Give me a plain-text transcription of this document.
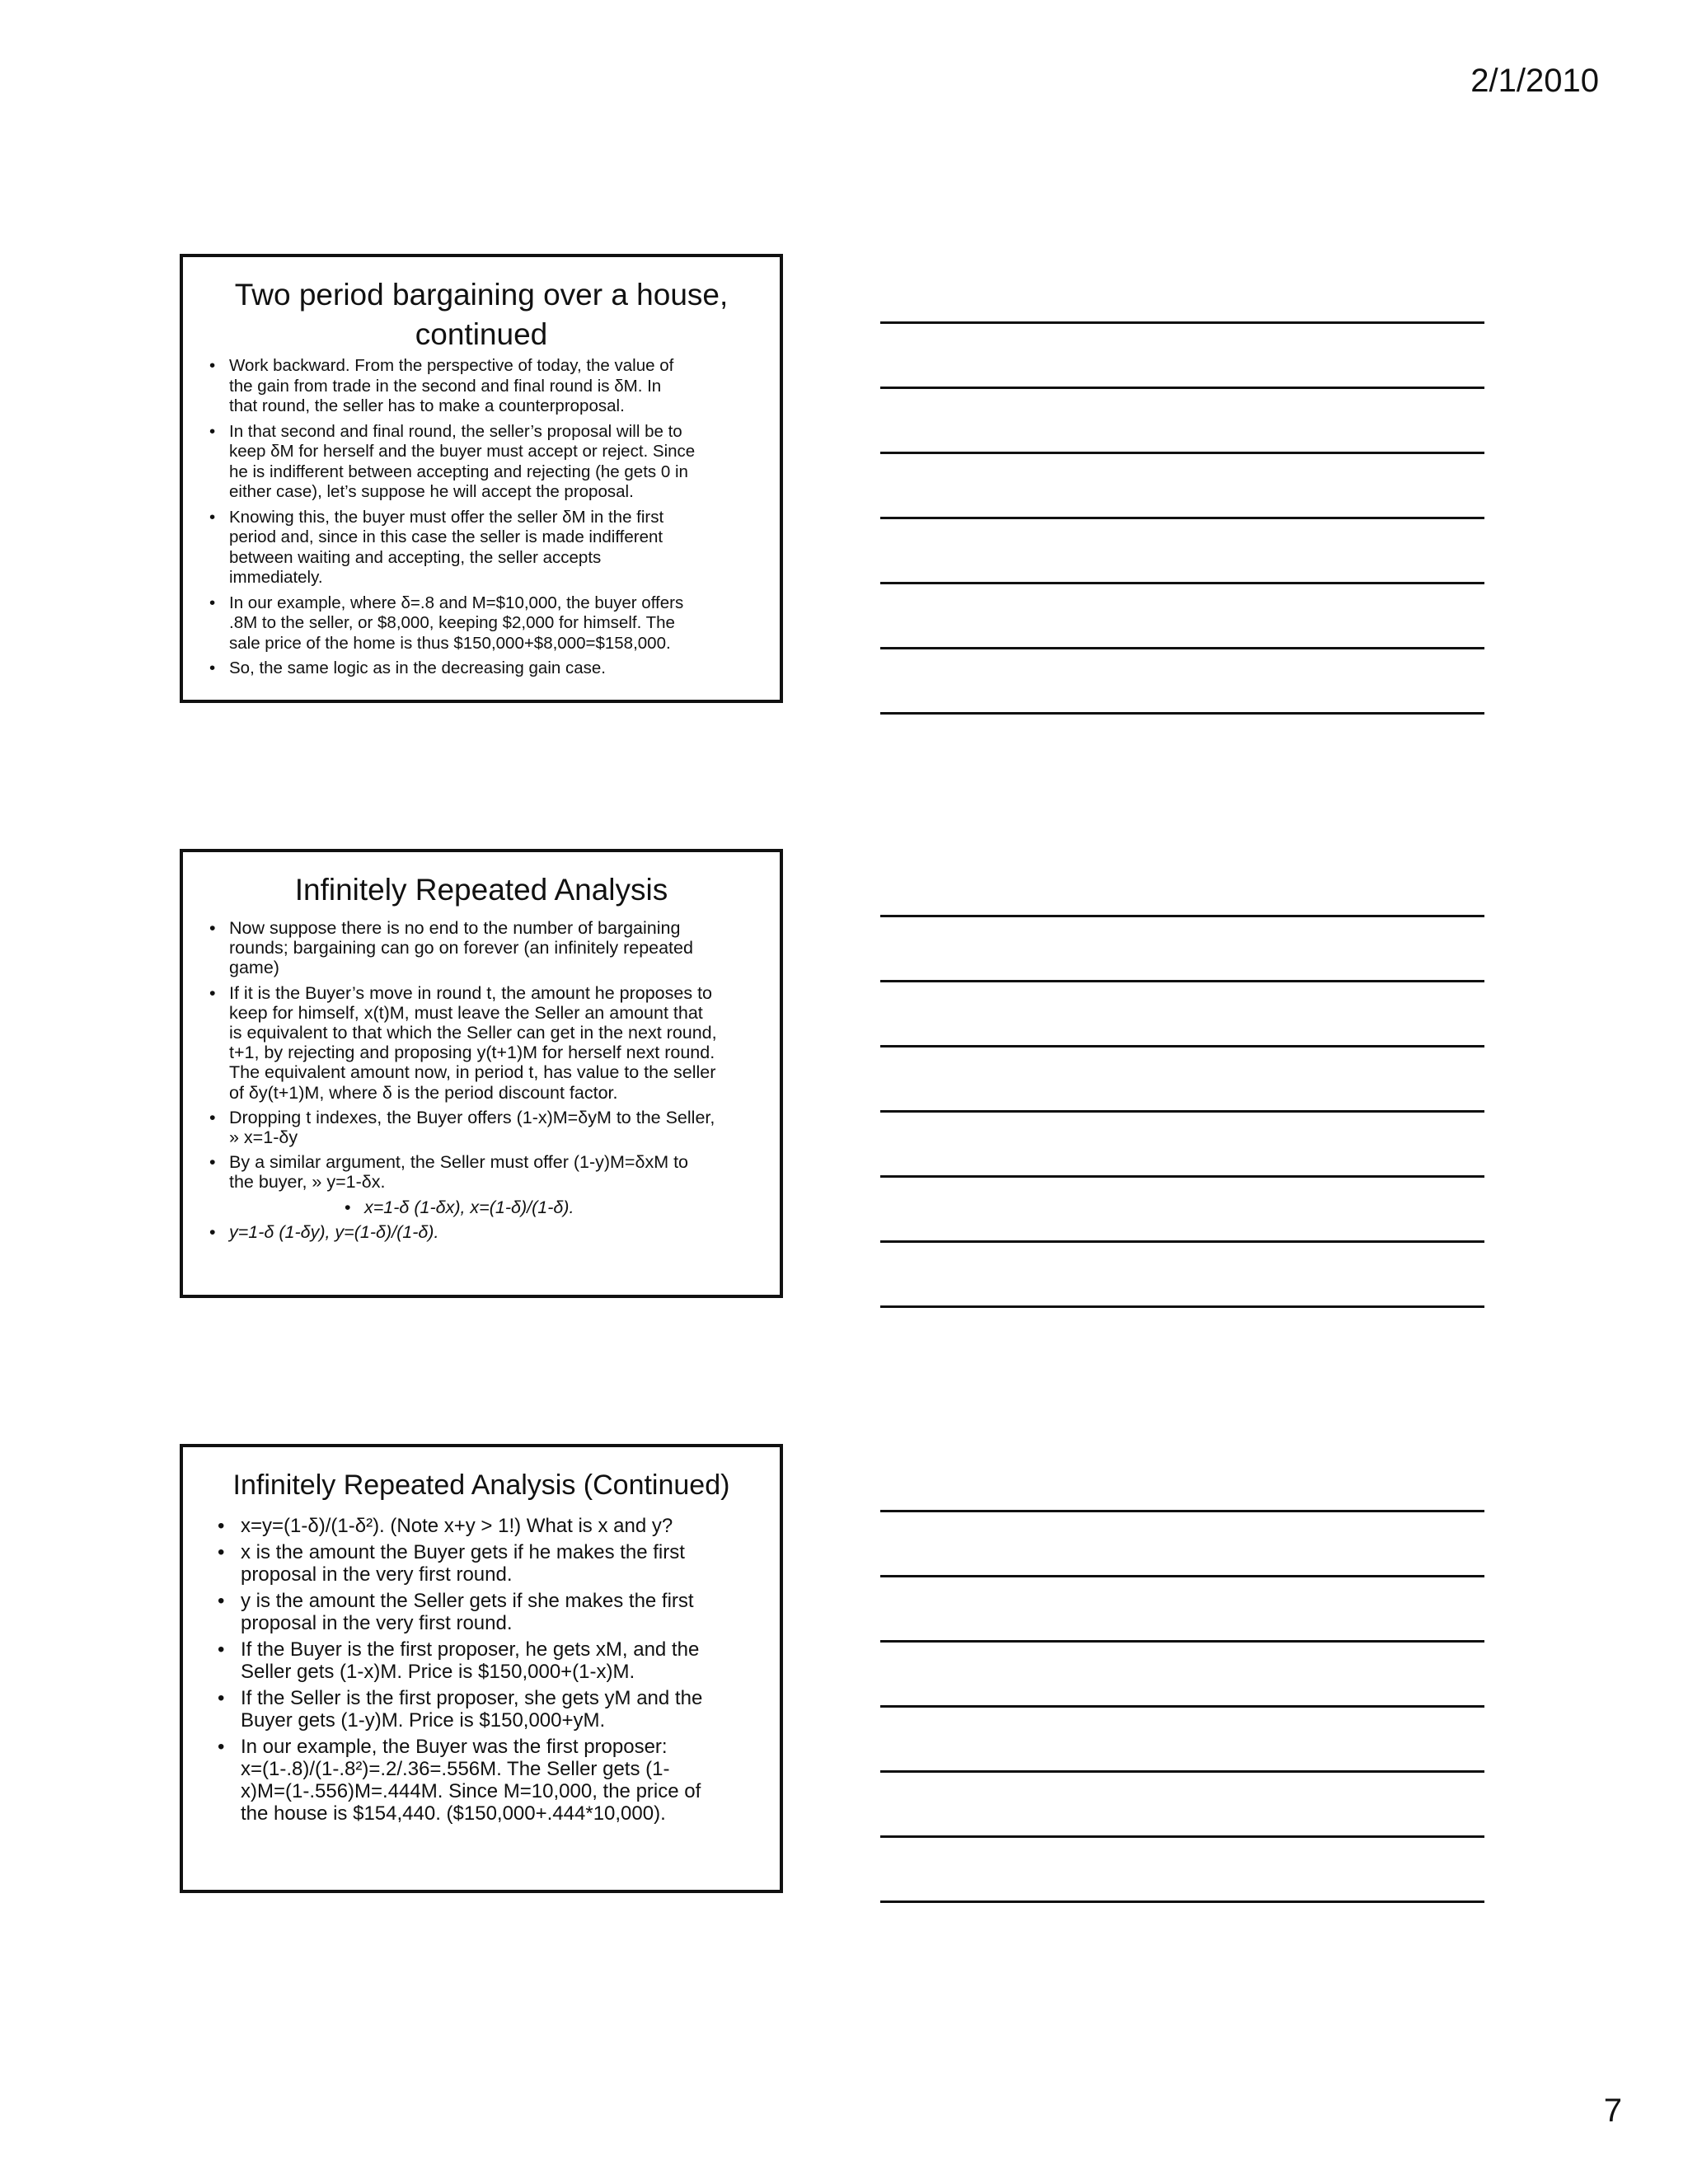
2/1/2010
Two period bargaining over a house,
continued
• Work backward. From the perspective of today, the value of
the gain from trade in the second and final round is δM. In
that round, the seller has to make a counterproposal.
• In that second and final round, the seller’s proposal will be to
keep δM for herself and the buyer must accept or reject. Since
he is indifferent between accepting and rejecting (he gets 0 in
either case), let’s suppose he will accept the proposal.
• Knowing this, the buyer must offer the seller δM in the first
period and, since in this case the seller is made indifferent
between waiting and accepting, the seller accepts
immediately.
• In our example, where δ=.8 and M=$10,000, the buyer offers
.8M to the seller, or $8,000, keeping $2,000 for himself. The
sale price of the home is thus $150,000+$8,000=$158,000.
• So, the same logic as in the decreasing gain case.
Infinitely Repeated Analysis
• Now suppose there is no end to the number of bargaining
rounds; bargaining can go on forever (an infinitely repeated
game)
• If it is the Buyer’s move in round t, the amount he proposes to
keep for himself, x(t)M, must leave the Seller an amount that
is equivalent to that which the Seller can get in the next round,
t+1, by rejecting and proposing y(t+1)M for herself next round.
The equivalent amount now, in period t, has value to the seller
of δy(t+1)M, where δ is the period discount factor.
• Dropping t indexes, the Buyer offers (1-x)M=δyM to the Seller,
» x=1-δy
• By a similar argument, the Seller must offer (1-y)M=δxM to
the buyer, » y=1-δx.
• x=1-δ (1-δx), x=(1-δ)/(1-δ).
• y=1-δ (1-δy), y=(1-δ)/(1-δ).
Infinitely Repeated Analysis (Continued)
• x=y=(1-δ)/(1-δ²). (Note x+y > 1!) What is x and y?
• x is the amount the Buyer gets if he makes the first
proposal in the very first round.
• y is the amount the Seller gets if she makes the first
proposal in the very first round.
• If the Buyer is the first proposer, he gets xM, and the
Seller gets (1-x)M. Price is $150,000+(1-x)M.
• If the Seller is the first proposer, she gets yM and the
Buyer gets (1-y)M. Price is $150,000+yM.
• In our example, the Buyer was the first proposer:
x=(1-.8)/(1-.8²)=.2/.36=.556M. The Seller gets (1-
x)M=(1-.556)M=.444M. Since M=10,000, the price of
the house is $154,440. ($150,000+.444*10,000).
7
